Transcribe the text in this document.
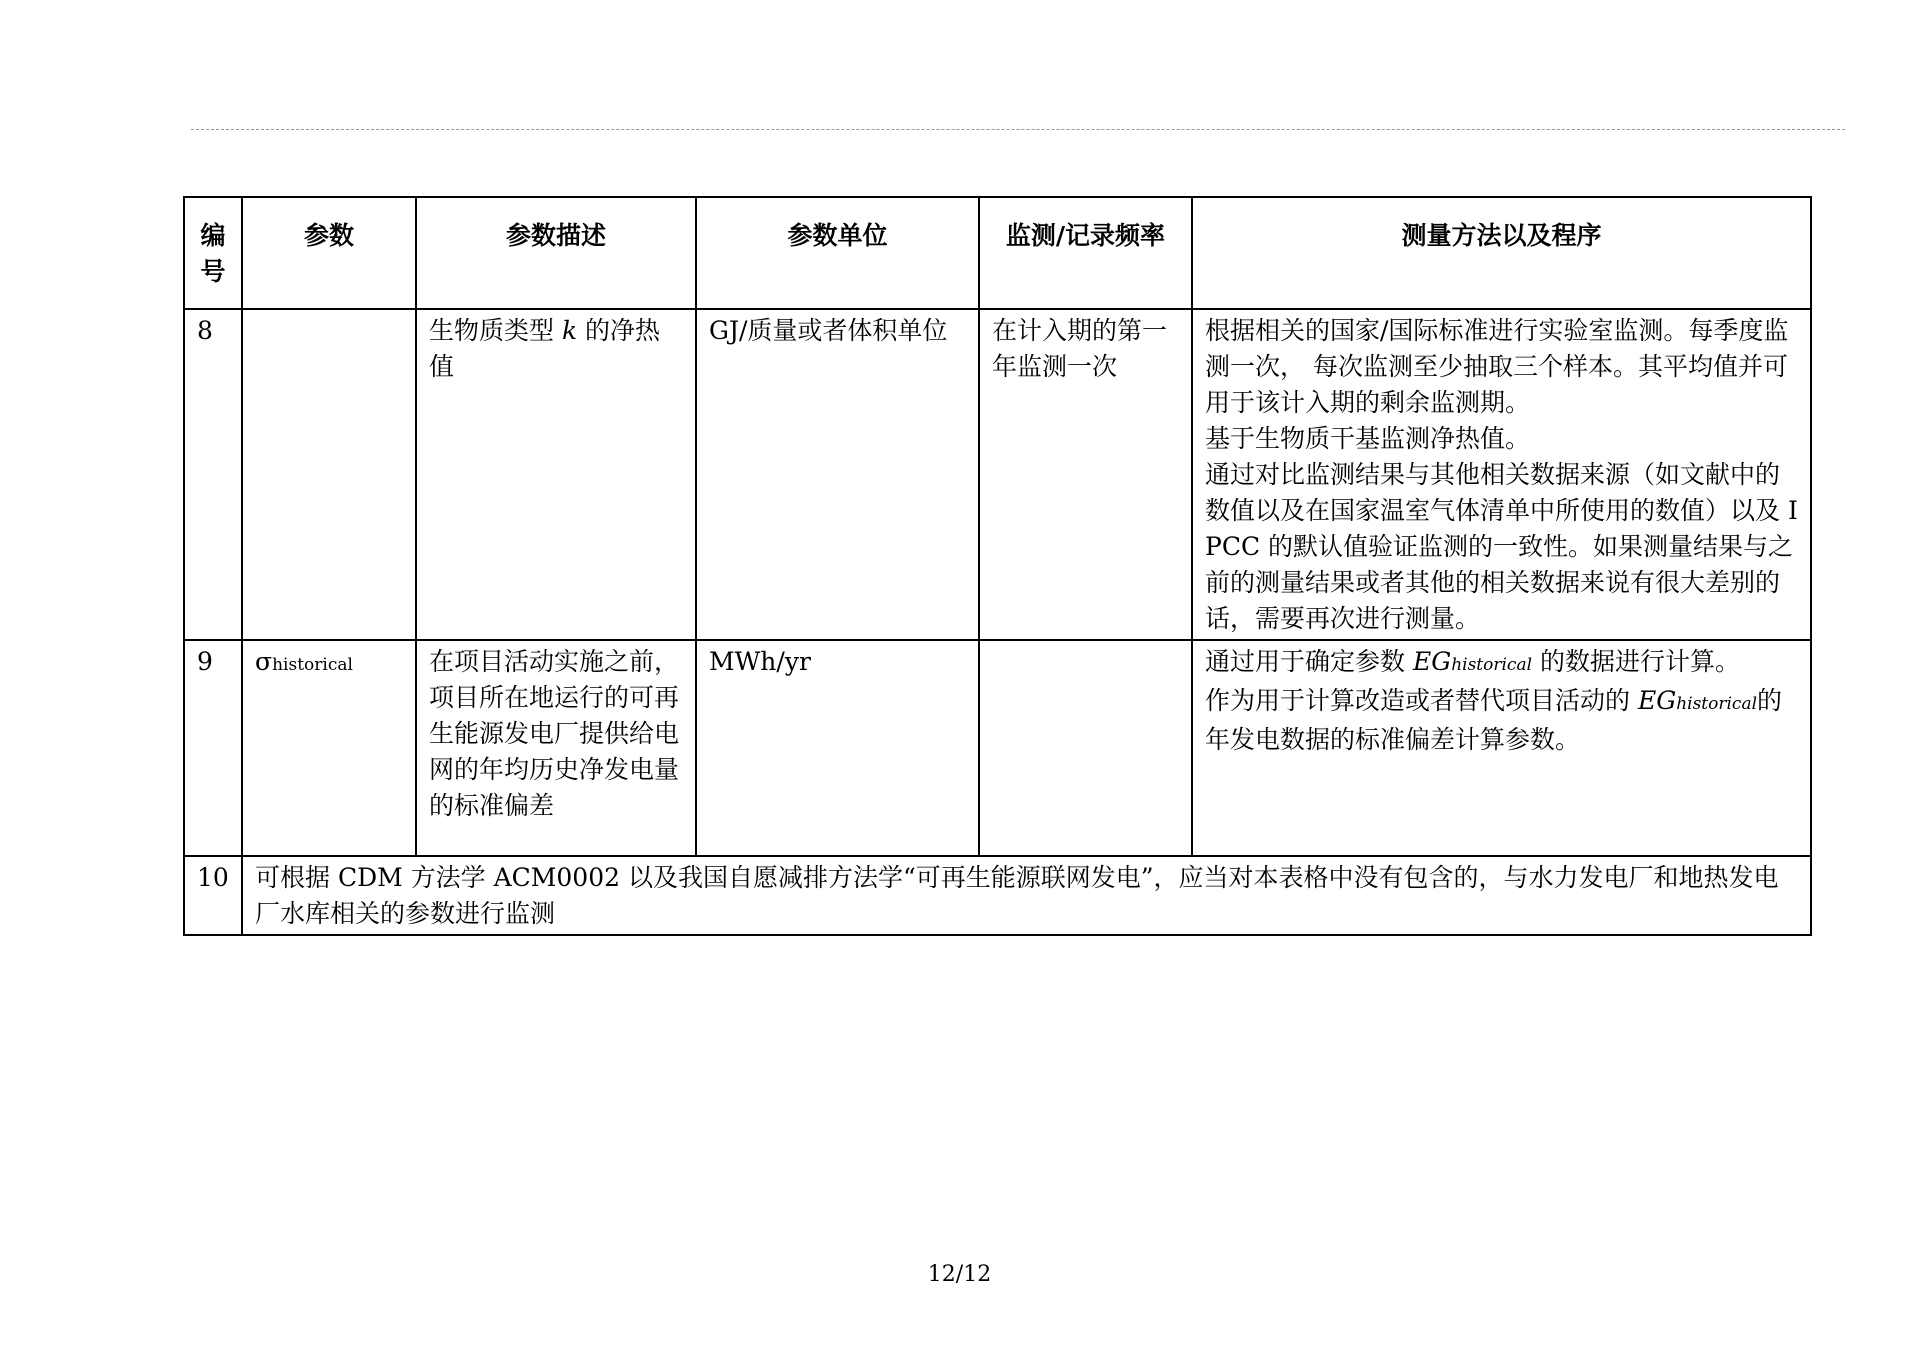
编号	参数	参数描述	参数单位	监测/记录频率	测量方法以及程序
8		生物质类型 k 的净热值	GJ/质量或者体积单位	在计入期的第一年监测一次	根据相关的国家/国际标准进行实验室监测。每季度监测一次， 每次监测至少抽取三个样本。其平均值并可用于该计入期的剩余监测期。
基于生物质干基监测净热值。
通过对比监测结果与其他相关数据来源（如文献中的数值以及在国家温室气体清单中所使用的数值）以及 IPCC 的默认值验证监测的一致性。如果测量结果与之前的测量结果或者其他的相关数据来说有很大差别的话，需要再次进行测量。

9	σhistorical	在项目活动实施之前，项目所在地运行的可再生能源发电厂提供给电网的年均历史净发电量的标准偏差	MWh/yr		通过用于确定参数 EGhistorical 的数据进行计算。
作为用于计算改造或者替代项目活动的 EGhistorical的年发电数据的标准偏差计算参数。

10	可根据 CDM 方法学 ACM0002 以及我国自愿减排方法学“可再生能源联网发电”，应当对本表格中没有包含的，与水力发电厂和地热发电厂水库相关的参数进行监测				
12/12
